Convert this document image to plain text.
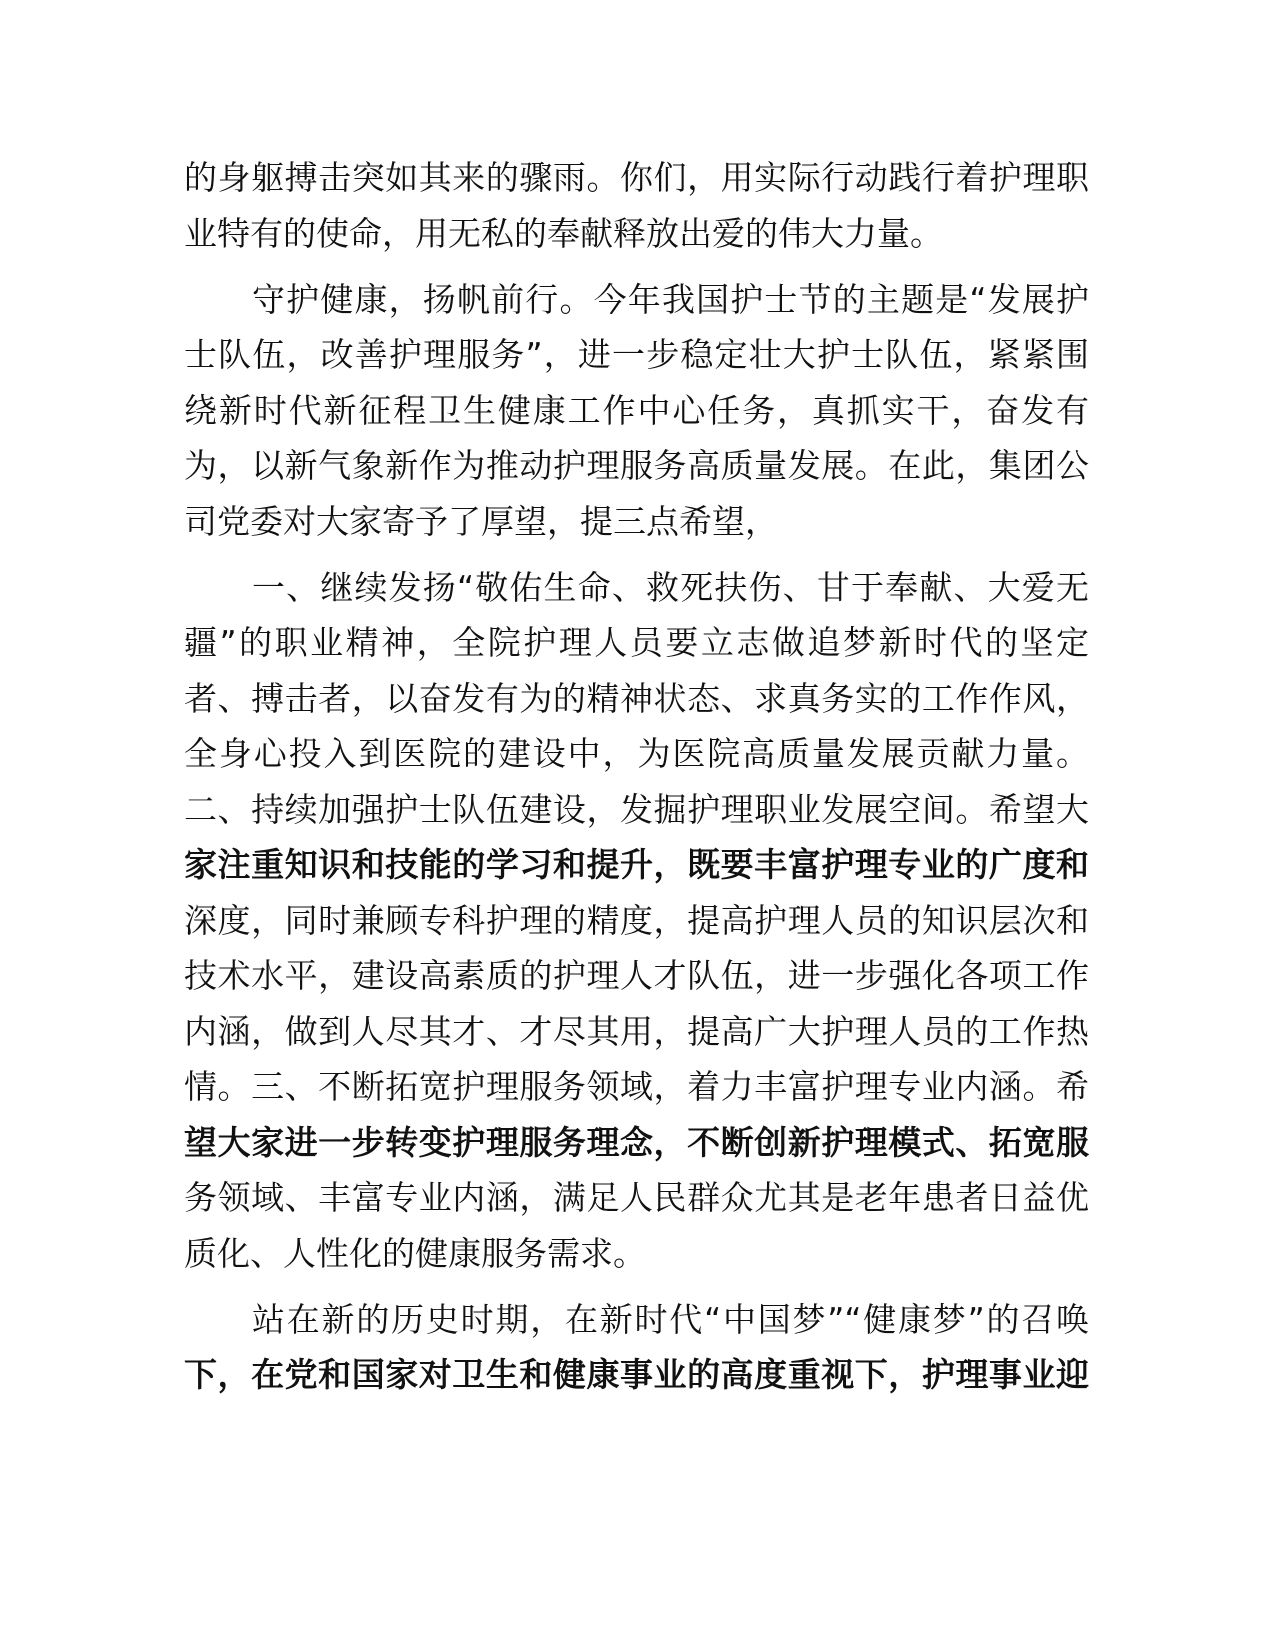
的身躯搏击突如其来的骤雨。你们，用实际行动践行着护理职
业特有的使命，用无私的奉献释放出爱的伟大力量。
守护健康，扬帆前行。今年我国护士节的主题是“发展护
士队伍，改善护理服务”，进一步稳定壮大护士队伍，紧紧围
绕新时代新征程卫生健康工作中心任务，真抓实干，奋发有
为，以新气象新作为推动护理服务高质量发展。在此，集团公
司党委对大家寄予了厚望，提三点希望，
一、继续发扬“敬佑生命、救死扶伤、甘于奉献、大爱无
疆”的职业精神，全院护理人员要立志做追梦新时代的坚定
者、搏击者，以奋发有为的精神状态、求真务实的工作作风，
全身心投入到医院的建设中，为医院高质量发展贡献力量。
二、持续加强护士队伍建设，发掘护理职业发展空间。希望大
家注重知识和技能的学习和提升，既要丰富护理专业的广度和
深度，同时兼顾专科护理的精度，提高护理人员的知识层次和
技术水平，建设高素质的护理人才队伍，进一步强化各项工作
内涵，做到人尽其才、才尽其用，提高广大护理人员的工作热
情。三、不断拓宽护理服务领域，着力丰富护理专业内涵。希
望大家进一步转变护理服务理念，不断创新护理模式、拓宽服
务领域、丰富专业内涵，满足人民群众尤其是老年患者日益优
质化、人性化的健康服务需求。
站在新的历史时期，在新时代“中国梦”“健康梦”的召唤
下，在党和国家对卫生和健康事业的高度重视下，护理事业迎
